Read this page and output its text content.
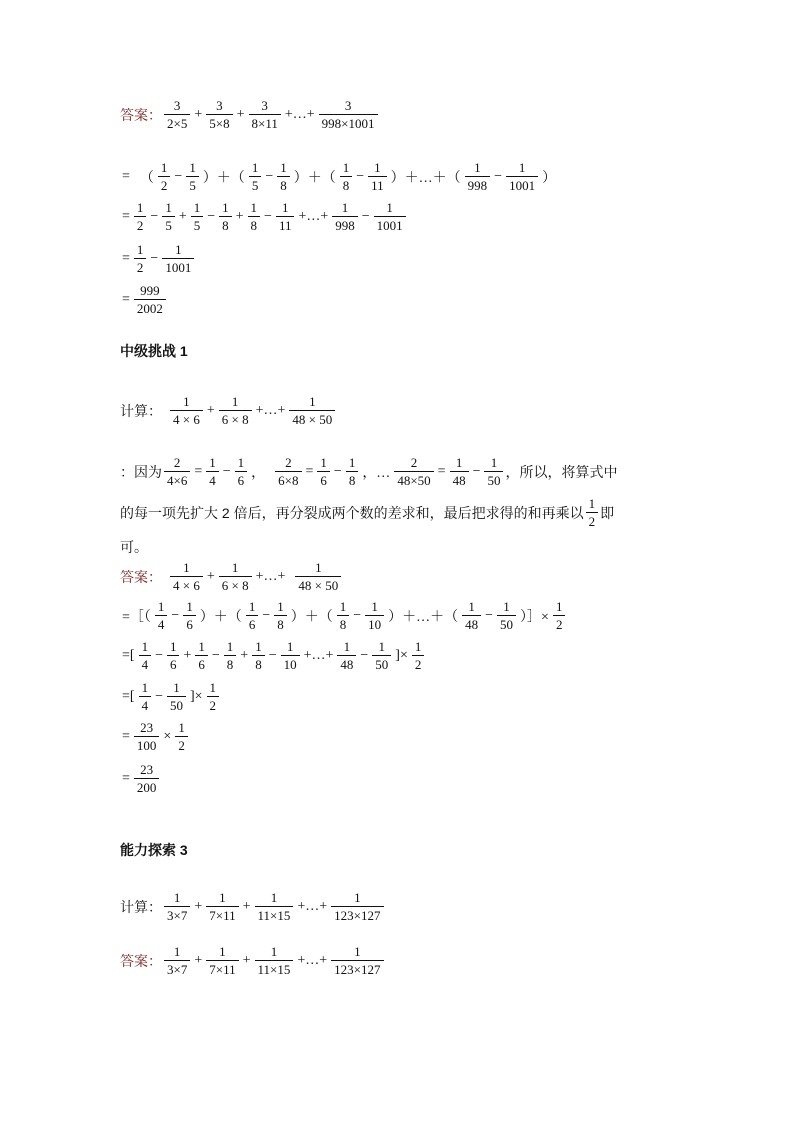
答案： $\frac{3}{2\times 5} + \frac{3}{5\times 8} + \frac{3}{8\times 11}$ +…+ $\frac{3}{998\times 1001}$
= （ $\frac{1}{2} - \frac{1}{5}$ ）＋（ $\frac{1}{5} - \frac{1}{8}$ ）＋（ $\frac{1}{8} - \frac{1}{11}$ ）＋…＋（ $\frac{1}{998} - \frac{1}{1001}$ ）
= $\frac{1}{2} - \frac{1}{5} + \frac{1}{5} - \frac{1}{8} + \frac{1}{8} - \frac{1}{11}$ +…+ $\frac{1}{998} - \frac{1}{1001}$
= $\frac{1}{2} - \frac{1}{1001}$
= $\frac{999}{2002}$
中级挑战 1
计算： $\frac{1}{4 \times 6} + \frac{1}{6 \times 8}$ +…+ $\frac{1}{48 \times 50}$
：因为 $\frac{2}{4\times 6} = \frac{1}{4} - \frac{1}{6}$ ， $\frac{2}{6\times 8} = \frac{1}{6} - \frac{1}{8}$ ，… $\frac{2}{48\times 50} = \frac{1}{48} - \frac{1}{50}$ ，所以，将算式中
的每一项先扩大 2 倍后，再分裂成两个数的差求和，最后把求得的和再乘以 $\frac{1}{2}$ 即
可。
答案： $\frac{1}{4 \times 6} + \frac{1}{6 \times 8}$ +…+ $\frac{1}{48 \times 50}$
=［（ $\frac{1}{4} - \frac{1}{6}$ ）＋（ $\frac{1}{6} - \frac{1}{8}$ ）＋（ $\frac{1}{8} - \frac{1}{10}$ ）＋…＋（ $\frac{1}{48} - \frac{1}{50}$ ）］× $\frac{1}{2}$
=[ $\frac{1}{4} - \frac{1}{6} + \frac{1}{6} - \frac{1}{8} + \frac{1}{8} - \frac{1}{10}$ +…+ $\frac{1}{48} - \frac{1}{50}$ ]× $\frac{1}{2}$
=[ $\frac{1}{4} - \frac{1}{50}$ ]× $\frac{1}{2}$
= $\frac{23}{100} \times \frac{1}{2}$
= $\frac{23}{200}$
能力探索 3
计算： $\frac{1}{3\times 7} + \frac{1}{7\times 11} + \frac{1}{11\times 15}$ +…+ $\frac{1}{123\times 127}$
答案： $\frac{1}{3\times 7} + \frac{1}{7\times 11} + \frac{1}{11\times 15}$ +…+ $\frac{1}{123\times 127}$
